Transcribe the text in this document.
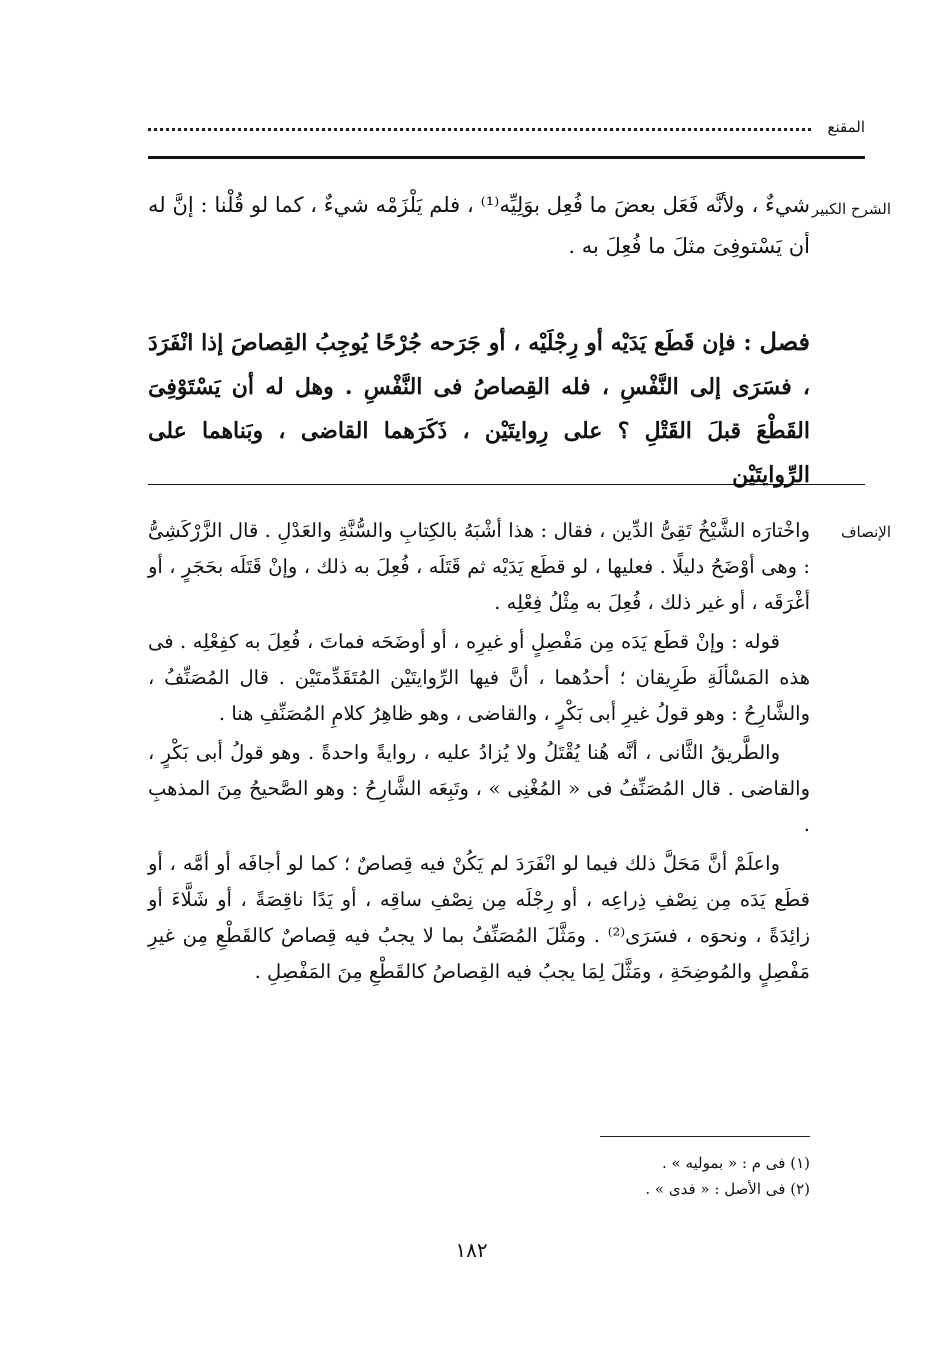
المقنع
الشرح الكبير

شيءٌ ، ولأنَّه فَعَل بعضَ ما فُعِل بوَلِيِّه⁽¹⁾ ، فلم يَلْزَمْه شيءٌ ، كما لو قُلْنا : إنَّ له أن يَسْتوفِىَ مثلَ ما فُعِلَ به .

فصل : فإن قَطَع يَدَيْه أو رِجْلَيْه ، أو جَرَحه جُرْحًا يُوجِبُ القِصاصَ إذا انْفَرَدَ ، فسَرَى إلى النَّفْسِ ، فله القِصاصُ فى النَّفْسِ . وهل له أن يَسْتَوْفِىَ القَطْعَ قبلَ القَتْلِ ؟ على رِوايتَيْن ، ذَكَرَهما القاضى ، وبَناهما على الرِّوايتَيْن

الإنصاف

واخْتارَه الشَّيْخُ تَقِىُّ الدِّين ، فقال : هذا أشْبَهُ بالكِتابِ والسُّنَّةِ والعَدْلِ . قال الزَّرْكَشِىُّ : وهى أوْضَحُ دليلًا . فعليها ، لو قطَع يَدَيْه ثم قَتَلَه ، فُعِلَ به ذلك ، وإنْ قَتَلَه بحَجَرٍ ، أو أغْرَقَه ، أو غير ذلك ، فُعِلَ به مِثْلُ فِعْلِه .

قوله : وإنْ قطَع يَدَه مِن مَفْصِلٍ أو غيرِه ، أو أوضَحَه فماتَ ، فُعِلَ به كفِعْلِه . فى هذه المَسْألَةِ طَرِيقان ؛ أحدُهما ، أنَّ فيها الرِّوايتَيْن المُتَقَدِّمتَيْن . قال المُصَنِّفُ ، والشَّارِحُ : وهو قولُ غيرِ أبى بَكْرٍ ، والقاضى ، وهو ظاهِرُ كلامِ المُصَنِّفِ هنا .

والطَّريقُ الثَّانى ، أنَّه هُنا يُقْتَلُ ولا يُزادُ عليه ، روايةً واحدةً . وهو قولُ أبى بَكْرٍ ، والقاضى . قال المُصَنِّفُ فى « المُغْنِى » ، وتَبِعَه الشَّارِحُ : وهو الصَّحيحُ مِنَ المذهبِ .

واعلَمْ أنَّ مَحَلَّ ذلك فيما لو انْفَرَدَ لم يَكُنْ فيه قِصاصٌ ؛ كما لو أجافَه أو أمَّه ، أو قطَع يَدَه مِن نِصْفِ ذِراعِه ، أو رِجْلَه مِن نِصْفِ ساقِه ، أو يَدًا ناقِصَةً ، أو شَلَّاءَ أو زائِدَةً ، ونحوَه ، فسَرَى⁽²⁾ . ومَثَّلَ المُصَنِّفُ بما لا يجبُ فيه قِصاصٌ كالقَطْعِ مِن غيرِ مَفْصِلٍ والمُوضِحَةِ ، ومَثَّلَ لِمَا يجبُ فيه القِصاصُ كالقَطْعِ مِنَ المَفْصِلِ .

(١) فى م : « بموليه » .
(٢) فى الأصل : « فدى » .
١٨٢
